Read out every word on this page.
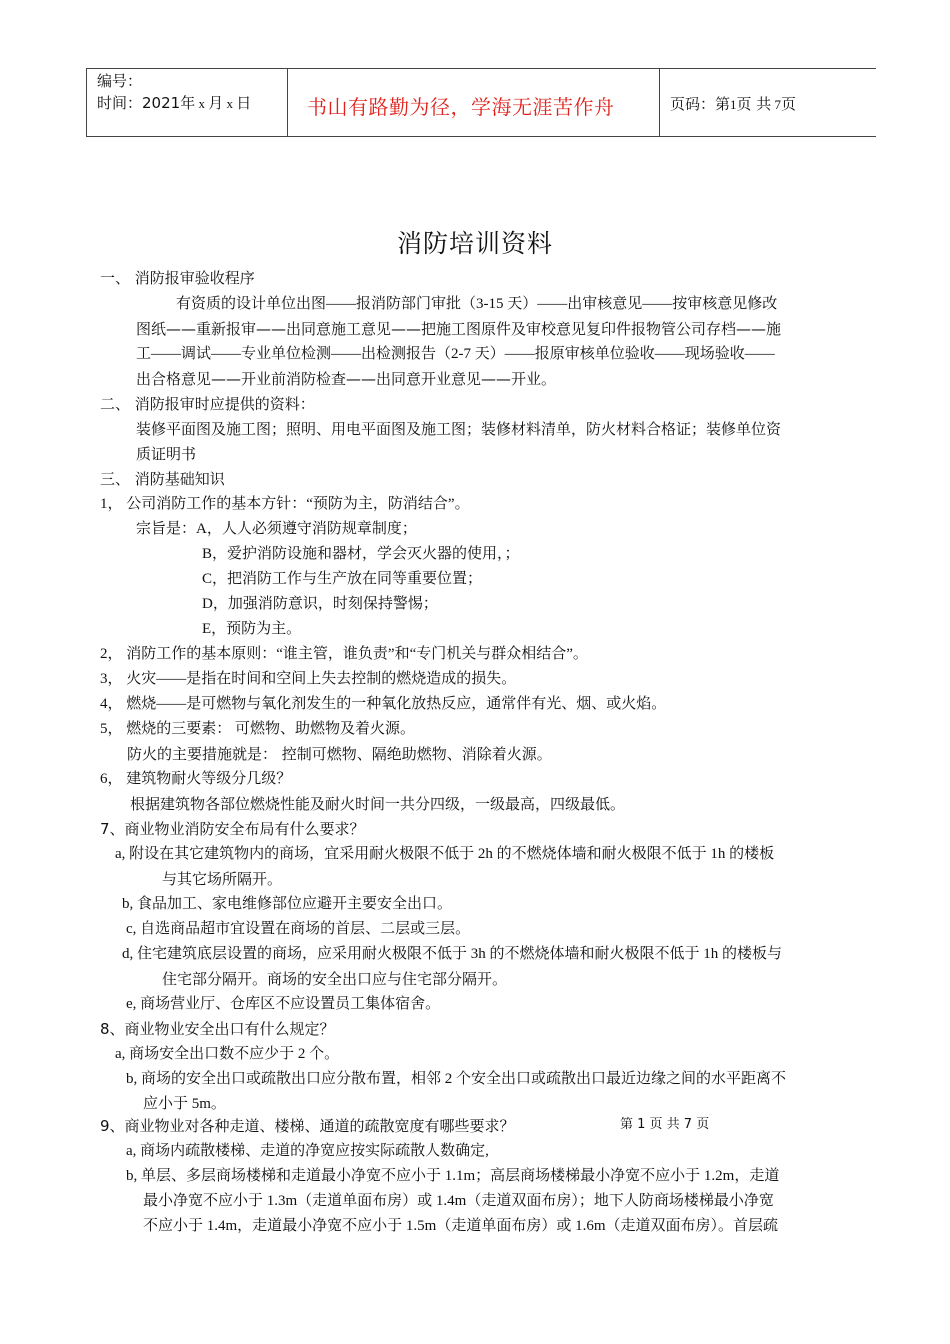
编号：
时间：2021年 x 月 x 日	书山有路勤为径，学海无涯苦作舟	页码：第1页 共 7页
消防培训资料
一、 消防报审验收程序
有资质的设计单位出图——报消防部门审批（3-15 天）——出审核意见——按审核意见修改
图纸——重新报审——出同意施工意见——把施工图原件及审校意见复印件报物管公司存档——施
工——调试——专业单位检测——出检测报告（2-7 天）——报原审核单位验收——现场验收——
出合格意见——开业前消防检查——出同意开业意见——开业。
二、 消防报审时应提供的资料：
装修平面图及施工图；照明、用电平面图及施工图；装修材料清单，防火材料合格证；装修单位资
质证明书
三、 消防基础知识
1， 公司消防工作的基本方针：“预防为主，防消结合”。
宗旨是：A，人人必须遵守消防规章制度；
B，爱护消防设施和器材，学会灭火器的使用，；
C，把消防工作与生产放在同等重要位置；
D，加强消防意识，时刻保持警惕；
E，预防为主。
2， 消防工作的基本原则：“谁主管，谁负责”和“专门机关与群众相结合”。
3， 火灾——是指在时间和空间上失去控制的燃烧造成的损失。
4， 燃烧——是可燃物与氧化剂发生的一种氧化放热反应，通常伴有光、烟、或火焰。
5， 燃烧的三要素： 可燃物、助燃物及着火源。
防火的主要措施就是： 控制可燃物、隔绝助燃物、消除着火源。
6， 建筑物耐火等级分几级？
根据建筑物各部位燃烧性能及耐火时间一共分四级，一级最高，四级最低。
7、商业物业消防安全布局有什么要求？
a, 附设在其它建筑物内的商场，宜采用耐火极限不低于 2h 的不燃烧体墙和耐火极限不低于 1h 的楼板
与其它场所隔开。
b, 食品加工、家电维修部位应避开主要安全出口。
c, 自选商品超市宜设置在商场的首层、二层或三层。
d, 住宅建筑底层设置的商场，应采用耐火极限不低于 3h 的不燃烧体墙和耐火极限不低于 1h 的楼板与
住宅部分隔开。商场的安全出口应与住宅部分隔开。
e, 商场营业厅、仓库区不应设置员工集体宿舍。
8、商业物业安全出口有什么规定？
a, 商场安全出口数不应少于 2 个。
b, 商场的安全出口或疏散出口应分散布置，相邻 2 个安全出口或疏散出口最近边缘之间的水平距离不
应小于 5m。
9、商业物业对各种走道、楼梯、通道的疏散宽度有哪些要求？
a, 商场内疏散楼梯、走道的净宽应按实际疏散人数确定,
b, 单层、多层商场楼梯和走道最小净宽不应小于 1.1m；高层商场楼梯最小净宽不应小于 1.2m，走道
最小净宽不应小于 1.3m（走道单面布房）或 1.4m（走道双面布房）；地下人防商场楼梯最小净宽
不应小于 1.4m，走道最小净宽不应小于 1.5m（走道单面布房）或 1.6m（走道双面布房）。首层疏
第 1 页 共 7 页
